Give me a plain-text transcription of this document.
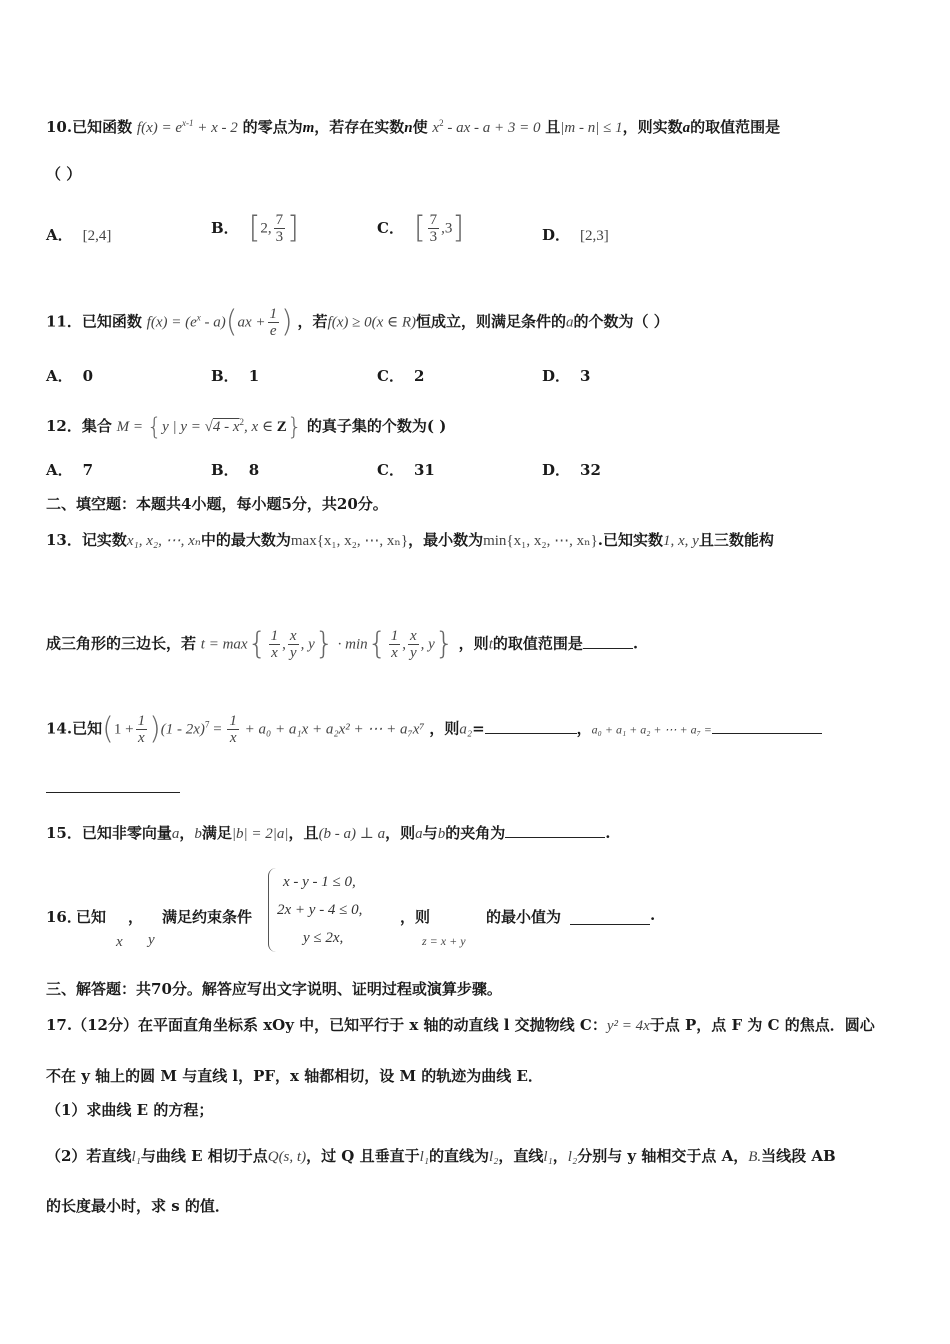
10.已知函数 $f(x) = e^{x-1} + x - 2$ 的零点为m，若存在实数n使 $x^2$ - ax - a + 3 = 0 且|m - n| ≤ 1，则实数a的取值范围是
（ ）
A． [2,4]	B． [2, $\frac{7}{3}$ ]	C． [ $\frac{7}{3} ,3$]	D． [2,3]
11．已知函数 $f(x) = (e^x - a)(ax + \frac{1}{e}$ ) ，若f(x) ≥ 0(x ∈ R)恒成立，则满足条件的a的个数为（ ）
A． 0	B． 1	C． 2	D． 3
12．集合 M = {y | $y = √4 - x^2$, x ∈ Z} 的真子集的个数为( )
A． 7	B． 8	C． 31	D． 32
二、填空题：本题共4小题，每小题5分，共20分。
13．记实数x₁, x₂, ⋯, xₙ中的最大数为max{x₁, x₂, ⋯, xₙ}，最小数为min{x₁, x₂, ⋯, xₙ}.已知实数1, x, y且三数能构
成三角形的三边长，若 $t = \max\{ \frac{1}{x}$ , $\frac{x}{y}$ , $y\} \cdot \min\{ \frac{1}{x}$ , $\frac{x}{y}$ , y} ，则t的取值范围是	.
14.已知$(1 + \frac{1}{x} )(1 - 2x)^7 = \frac{1}{x} + a_0 + a_1x + a_2x^2$ + ⋯ + a₇x⁷ ，则a₂=	，a₀ + a₁ + a₂ + ⋯ + a₇ =
15．已知非零向量a，b满足|b| = 2|a|，且(b - a) ⊥ a，则a与b的夹角为	.
16．
已知 ，
x y
满足约束条件
x - y - 1 ≤ 0,
2x + y - 4 ≤ 0,
y ≤ 2x,
，则
z = x + y
的最小值为	.
三、解答题：共70分。解答应写出文字说明、证明过程或演算步骤。
17.（12分）在平面直角坐标系 xOy 中，已知平行于 x 轴的动直线 l 交抛物线 C：y² = 4x于点 P，点 F 为 C 的焦点．圆心
不在 y 轴上的圆 M 与直线 l，PF，x 轴都相切，设 M 的轨迹为曲线 E．
（1）求曲线 E 的方程；
（2）若直线l₁与曲线 E 相切于点Q(s, t)，过 Q 且垂直于l₁的直线为l₂，直线l₁，l₂分别与 y 轴相交于点 A，B.当线段 AB
的长度最小时，求 s 的值．
